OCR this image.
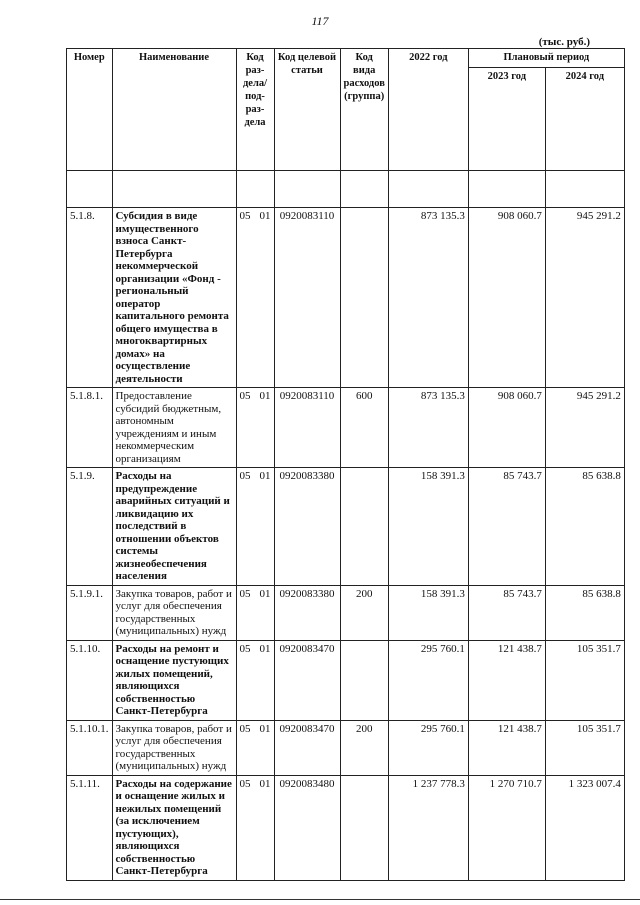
117
(тыс. руб.)
Номер	Наименование	Код раз-дела/ под-раз-дела	Код целевой статьи	Код вида расходов (группа)	2022 год	Плановый период	
						2023 год	2024 год

5.1.8.	Субсидия в виде имущественного взноса Санкт-Петербурга некоммерческой организации «Фонд - региональный оператор капитального ремонта общего имущества в многоквартирных домах» на осуществление деятельности	05 01	0920083110		873 135.3	908 060.7	945 291.2
5.1.8.1.	Предоставление субсидий бюджетным, автономным учреждениям и иным некоммерческим организациям	05 01	0920083110	600	873 135.3	908 060.7	945 291.2
5.1.9.	Расходы на предупреждение аварийных ситуаций и ликвидацию их последствий в отношении объектов системы жизнеобеспечения населения	05 01	0920083380		158 391.3	85 743.7	85 638.8
5.1.9.1.	Закупка товаров, работ и услуг для обеспечения государственных (муниципальных) нужд	05 01	0920083380	200	158 391.3	85 743.7	85 638.8
5.1.10.	Расходы на ремонт и оснащение пустующих жилых помещений, являющихся собственностью Санкт-Петербурга	05 01	0920083470		295 760.1	121 438.7	105 351.7
5.1.10.1.	Закупка товаров, работ и услуг для обеспечения государственных (муниципальных) нужд	05 01	0920083470	200	295 760.1	121 438.7	105 351.7
5.1.11.	Расходы на содержание и оснащение жилых и нежилых помещений (за исключением пустующих), являющихся собственностью Санкт-Петербурга	05 01	0920083480		1 237 778.3	1 270 710.7	1 323 007.4
